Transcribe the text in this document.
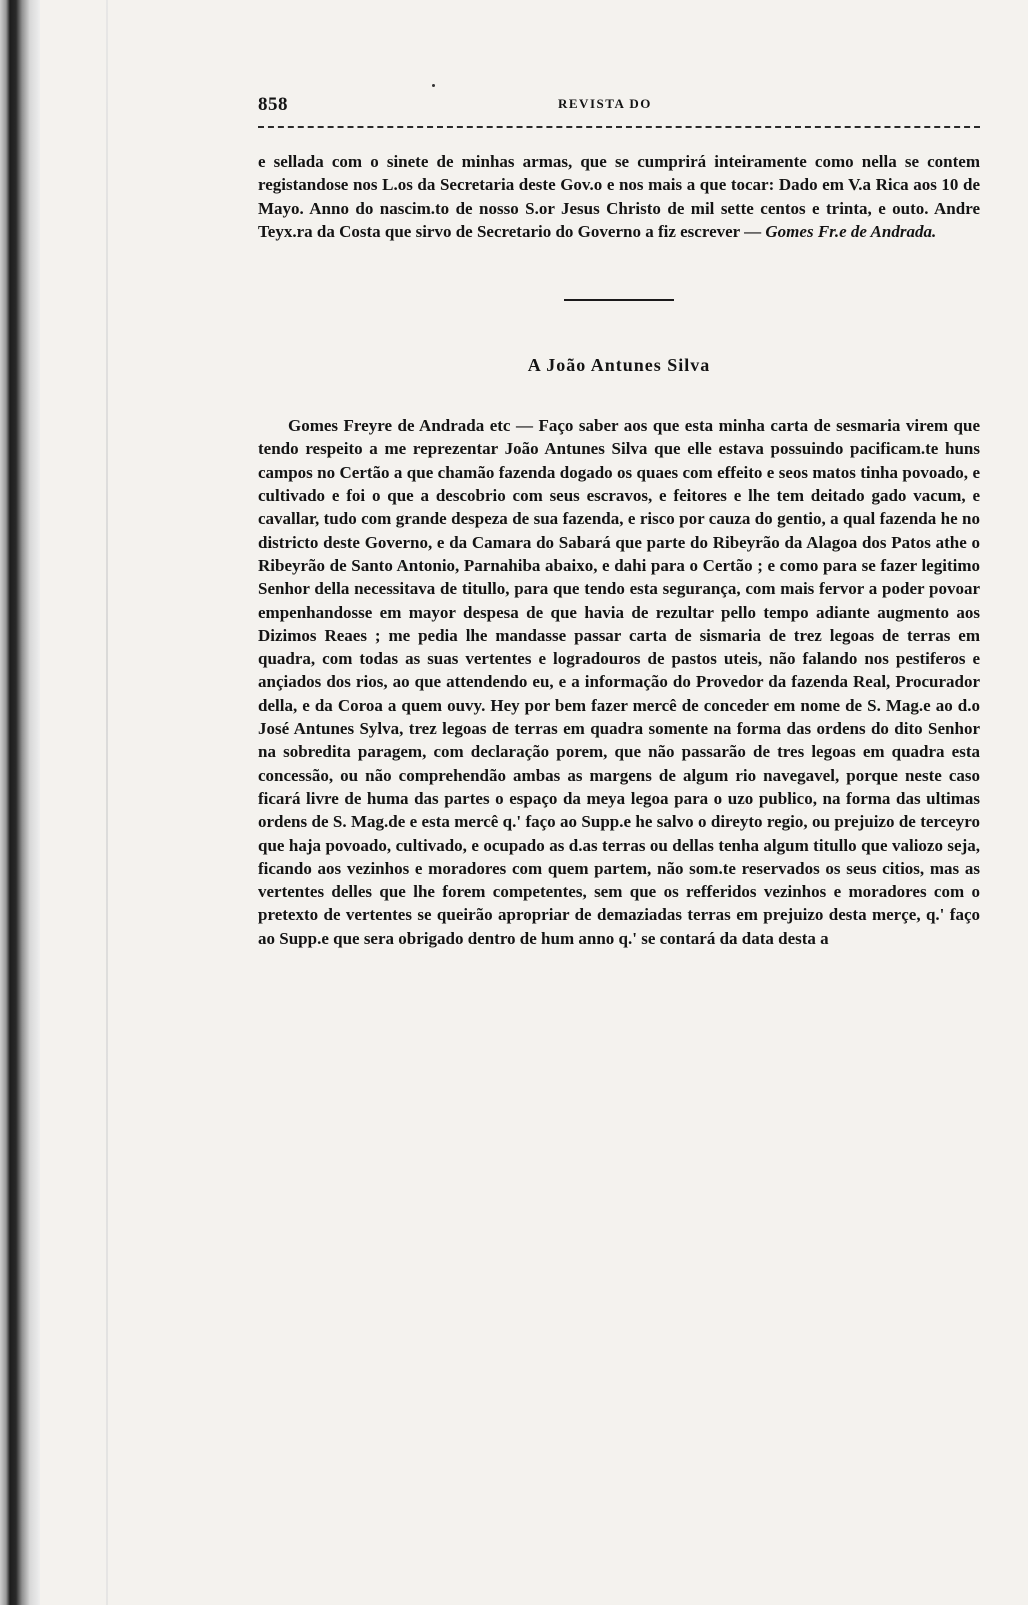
858	REVISTA DO

e sellada com o sinete de minhas armas, que se cumprirá inteiramente como nella se contem registandose nos L.os da Secretaria deste Gov.o e nos mais a que tocar: Dado em V.a Rica aos 10 de Mayo. Anno do nascim.to de nosso S.or Jesus Christo de mil sette centos e trinta, e outo. Andre Teyx.ra da Costa que sirvo de Secretario do Governo a fiz escrever — Gomes Fr.e de Andrada.

A João Antunes Silva

Gomes Freyre de Andrada etc — Faço saber aos que esta minha carta de sesmaria virem que tendo respeito a me reprezentar João Antunes Silva que elle estava possuindo pacificam.te huns campos no Certão a que chamão fazenda dogado os quaes com effeito e seos matos tinha povoado, e cultivado e foi o que a descobrio com seus escravos, e feitores e lhe tem deitado gado vacum, e cavallar, tudo com grande despeza de sua fazenda, e risco por cauza do gentio, a qual fazenda he no districto deste Governo, e da Camara do Sabará que parte do Ribeyrão da Alagoa dos Patos athe o Ribeyrão de Santo Antonio, Parnahiba abaixo, e dahi para o Certão ; e como para se fazer legitimo Senhor della necessitava de titullo, para que tendo esta segurança, com mais fervor a poder povoar empenhandosse em mayor despesa de que havia de rezultar pello tempo adiante augmento aos Dizimos Reaes ; me pedia lhe mandasse passar carta de sismaria de trez legoas de terras em quadra, com todas as suas vertentes e logradouros de pastos uteis, não falando nos pestiferos e ançiados dos rios, ao que attendendo eu, e a informação do Provedor da fazenda Real, Procurador della, e da Coroa a quem ouvy. Hey por bem fazer mercê de conceder em nome de S. Mag.e ao d.o José Antunes Sylva, trez legoas de terras em quadra somente na forma das ordens do dito Senhor na sobredita paragem, com declaração porem, que não passarão de tres legoas em quadra esta concessão, ou não comprehendão ambas as margens de algum rio navegavel, porque neste caso ficará livre de huma das partes o espaço da meya legoa para o uzo publico, na forma das ultimas ordens de S. Mag.de e esta mercê q.' faço ao Supp.e he salvo o direyto regio, ou prejuizo de terceyro que haja povoado, cultivado, e ocupado as d.as terras ou dellas tenha algum titullo que valiozo seja, ficando aos vezinhos e moradores com quem partem, não som.te reservados os seus citios, mas as vertentes delles que lhe forem competentes, sem que os refferidos vezinhos e moradores com o pretexto de vertentes se queirão apropriar de demaziadas terras em prejuizo desta merçe, q.' faço ao Supp.e que sera obrigado dentro de hum anno q.' se contará da data desta a
